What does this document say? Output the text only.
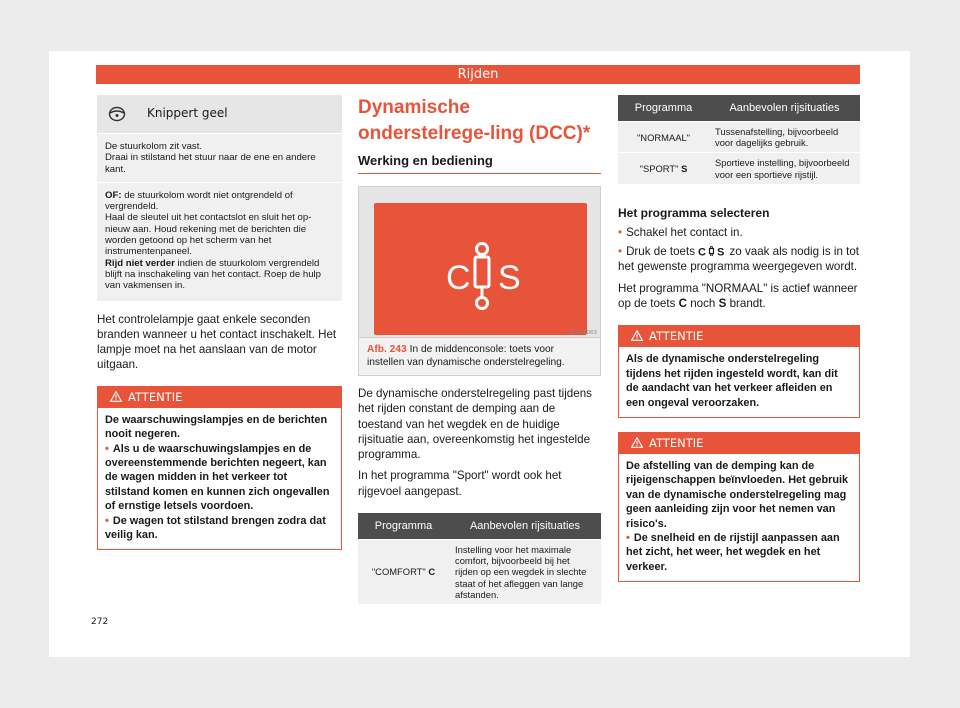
Rijden
Knippert geel
De stuurkolom zit vast.
Draai in stilstand het stuur naar de ene en andere kant.
OF: de stuurkolom wordt niet ontgrendeld of vergrendeld.
Haal de sleutel uit het contactslot en sluit het op-nieuw aan. Houd rekening met de berichten die worden getoond op het scherm van het instrumentenpaneel.
Rijd niet verder indien de stuurkolom vergrendeld blijft na inschakeling van het contact. Roep de hulp van vakmensen in.

Het controlelampje gaat enkele seconden branden wanneer u het contact inschakelt. Het lampje moet na het aanslaan van de motor uitgaan.

ATTENTIE
De waarschuwingslampjes en de berichten nooit negeren.
• Als u de waarschuwingslampjes en de overeenstemmende berichten negeert, kan de wagen midden in het verkeer tot stilstand komen en kunnen zich ongevallen of ernstige letsels voordoen.
• De wagen tot stilstand brengen zodra dat veilig kan.
Dynamische onderstelrege-ling (DCC)*
Werking en bediening
C S
B7V-1063
Afb. 243 In de middenconsole: toets voor instellen van dynamische onderstelregeling.

De dynamische onderstelregeling past tijdens het rijden constant de demping aan de toestand van het wegdek en de huidige rijsituatie aan, overeenkomstig het ingestelde programma.

In het programma "Sport" wordt ook het rijgevoel aangepast.

Programma	Aanbevolen rijsituaties
"COMFORT" C	Instelling voor het maximale comfort, bijvoorbeeld bij het rijden op een wegdek in slechte staat of het afleggen van lange afstanden.
Programma	Aanbevolen rijsituaties
"NORMAAL"	Tussenafstelling, bijvoorbeeld voor dagelijks gebruik.
"SPORT" S	Sportieve instelling, bijvoorbeeld voor een sportieve rijstijl.
Het programma selecteren

• Schakel het contact in.

• Druk de toets C S zo vaak als nodig is in tot het gewenste programma weergegeven wordt.

Het programma "NORMAAL" is actief wanneer op de toets C noch S brandt.

ATTENTIE
Als de dynamische onderstelregeling tijdens het rijden ingesteld wordt, kan dit de aandacht van het verkeer afleiden en een ongeval veroorzaken.
ATTENTIE
De afstelling van de demping kan de rijeigenschappen beïnvloeden. Het gebruik van de dynamische onderstelregeling mag geen aanleiding zijn voor het nemen van risico's.
• De snelheid en de rijstijl aanpassen aan het zicht, het weer, het wegdek en het verkeer.
272
